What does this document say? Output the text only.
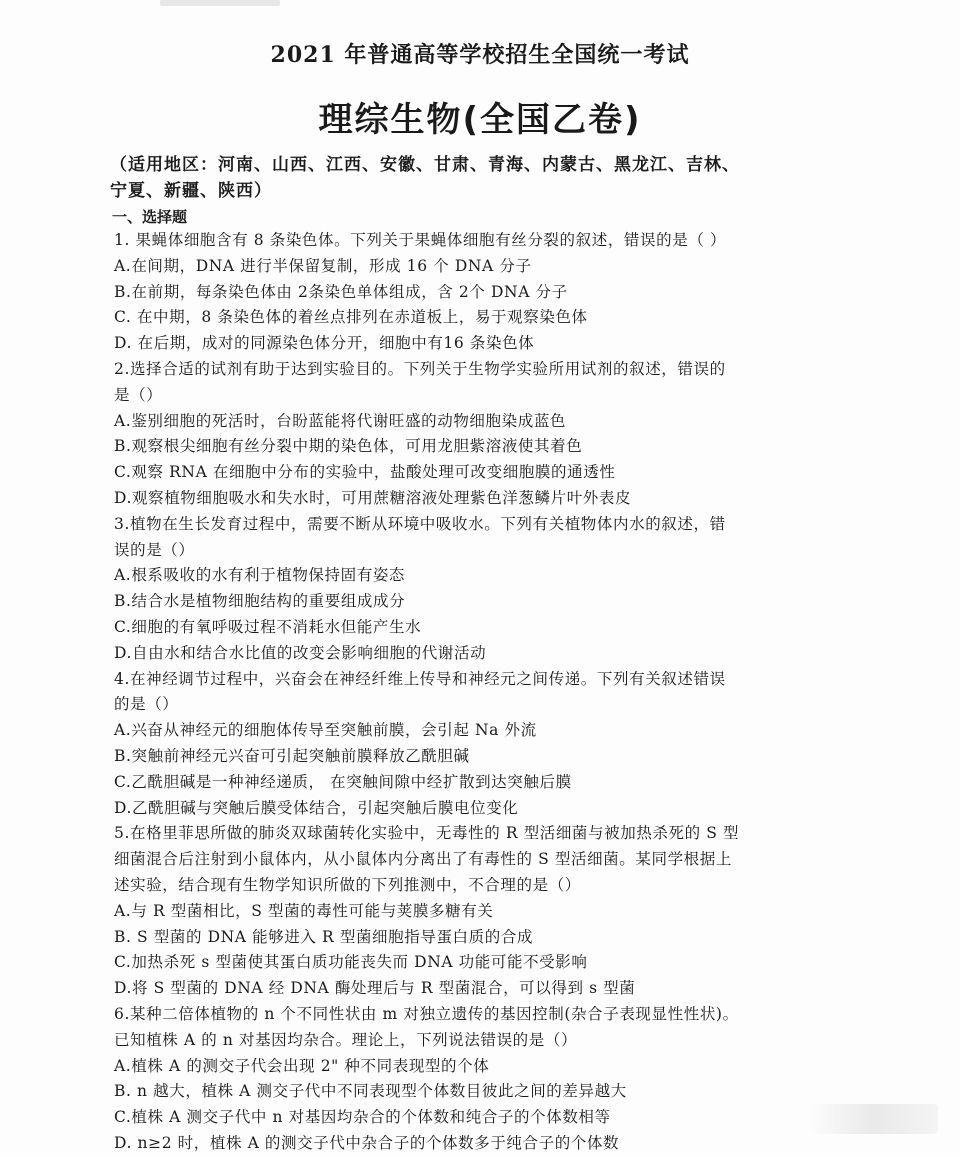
2021 年普通高等学校招生全国统一考试
理综生物(全国乙卷)
（适用地区：河南、山西、江西、安徽、甘肃、青海、内蒙古、黑龙江、吉林、
宁夏、新疆、陕西）
一、选择题
1. 果蝇体细胞含有 8 条染色体。下列关于果蝇体细胞有丝分裂的叙述，错误的是（ ）
A.在间期，DNA 进行半保留复制，形成 16 个 DNA 分子
B.在前期，每条染色体由 2条染色单体组成，含 2个 DNA 分子
C. 在中期，8 条染色体的着丝点排列在赤道板上，易于观察染色体
D. 在后期，成对的同源染色体分开，细胞中有16 条染色体
2.选择合适的试剂有助于达到实验目的。下列关于生物学实验所用试剂的叙述，错误的
是（）
A.鉴别细胞的死活时，台盼蓝能将代谢旺盛的动物细胞染成蓝色
B.观察根尖细胞有丝分裂中期的染色体，可用龙胆紫溶液使其着色
C.观察 RNA 在细胞中分布的实验中，盐酸处理可改变细胞膜的通透性
D.观察植物细胞吸水和失水时，可用蔗糖溶液处理紫色洋葱鳞片叶外表皮
3.植物在生长发育过程中，需要不断从环境中吸收水。下列有关植物体内水的叙述，错
误的是（）
A.根系吸收的水有利于植物保持固有姿态
B.结合水是植物细胞结构的重要组成成分
C.细胞的有氧呼吸过程不消耗水但能产生水
D.自由水和结合水比值的改变会影响细胞的代谢活动
4.在神经调节过程中，兴奋会在神经纤维上传导和神经元之间传递。下列有关叙述错误
的是（）
A.兴奋从神经元的细胞体传导至突触前膜，会引起 Na 外流
B.突触前神经元兴奋可引起突触前膜释放乙酰胆碱
C.乙酰胆碱是一种神经递质， 在突触间隙中经扩散到达突触后膜
D.乙酰胆碱与突触后膜受体结合，引起突触后膜电位变化
5.在格里菲思所做的肺炎双球菌转化实验中，无毒性的 R 型活细菌与被加热杀死的 S 型
细菌混合后注射到小鼠体内，从小鼠体内分离出了有毒性的 S 型活细菌。某同学根据上
述实验，结合现有生物学知识所做的下列推测中，不合理的是（）
A.与 R 型菌相比，S 型菌的毒性可能与荚膜多糖有关
B. S 型菌的 DNA 能够进入 R 型菌细胞指导蛋白质的合成
C.加热杀死 s 型菌使其蛋白质功能丧失而 DNA 功能可能不受影响
D.将 S 型菌的 DNA 经 DNA 酶处理后与 R 型菌混合，可以得到 s 型菌
6.某种二倍体植物的 n 个不同性状由 m 对独立遗传的基因控制(杂合子表现显性性状)。
已知植株 A 的 n 对基因均杂合。理论上，下列说法错误的是（）
A.植株 A 的测交子代会出现 2" 种不同表现型的个体
B. n 越大，植株 A 测交子代中不同表现型个体数目彼此之间的差异越大
C.植株 A 测交子代中 n 对基因均杂合的个体数和纯合子的个体数相等
D. n≥2 时，植株 A 的测交子代中杂合子的个体数多于纯合子的个体数
